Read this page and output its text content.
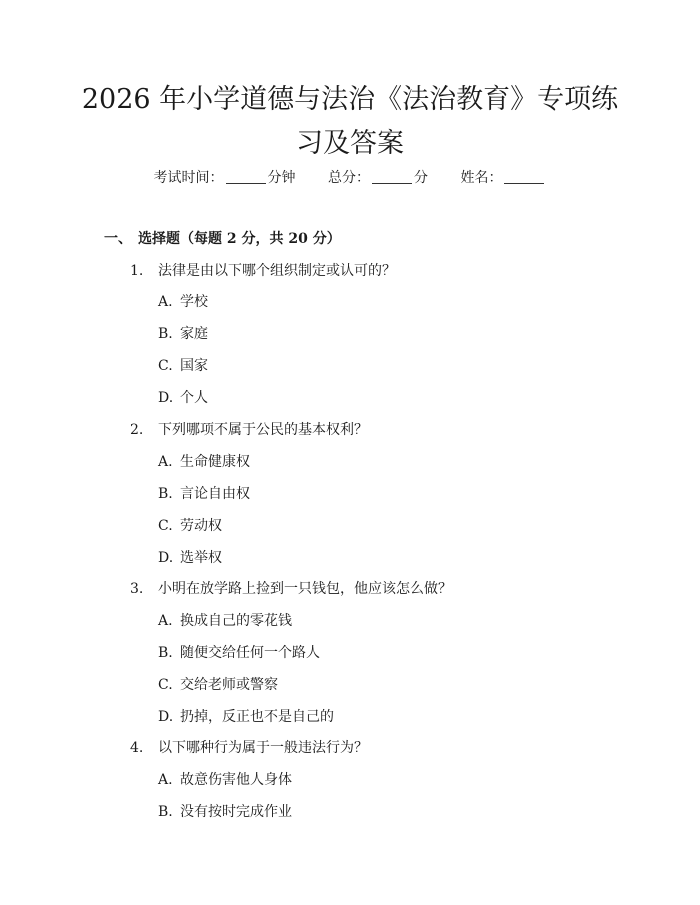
2026 年小学道德与法治《法治教育》专项练习及答案
考试时间：	分钟 总分：	分 姓名：
一、 选择题（每题 2 分，共 20 分）
1. 法律是由以下哪个组织制定或认可的？
A. 学校
B. 家庭
C. 国家
D. 个人
2. 下列哪项不属于公民的基本权利？
A. 生命健康权
B. 言论自由权
C. 劳动权
D. 选举权
3. 小明在放学路上捡到一只钱包，他应该怎么做？
A. 换成自己的零花钱
B. 随便交给任何一个路人
C. 交给老师或警察
D. 扔掉，反正也不是自己的
4. 以下哪种行为属于一般违法行为？
A. 故意伤害他人身体
B. 没有按时完成作业
